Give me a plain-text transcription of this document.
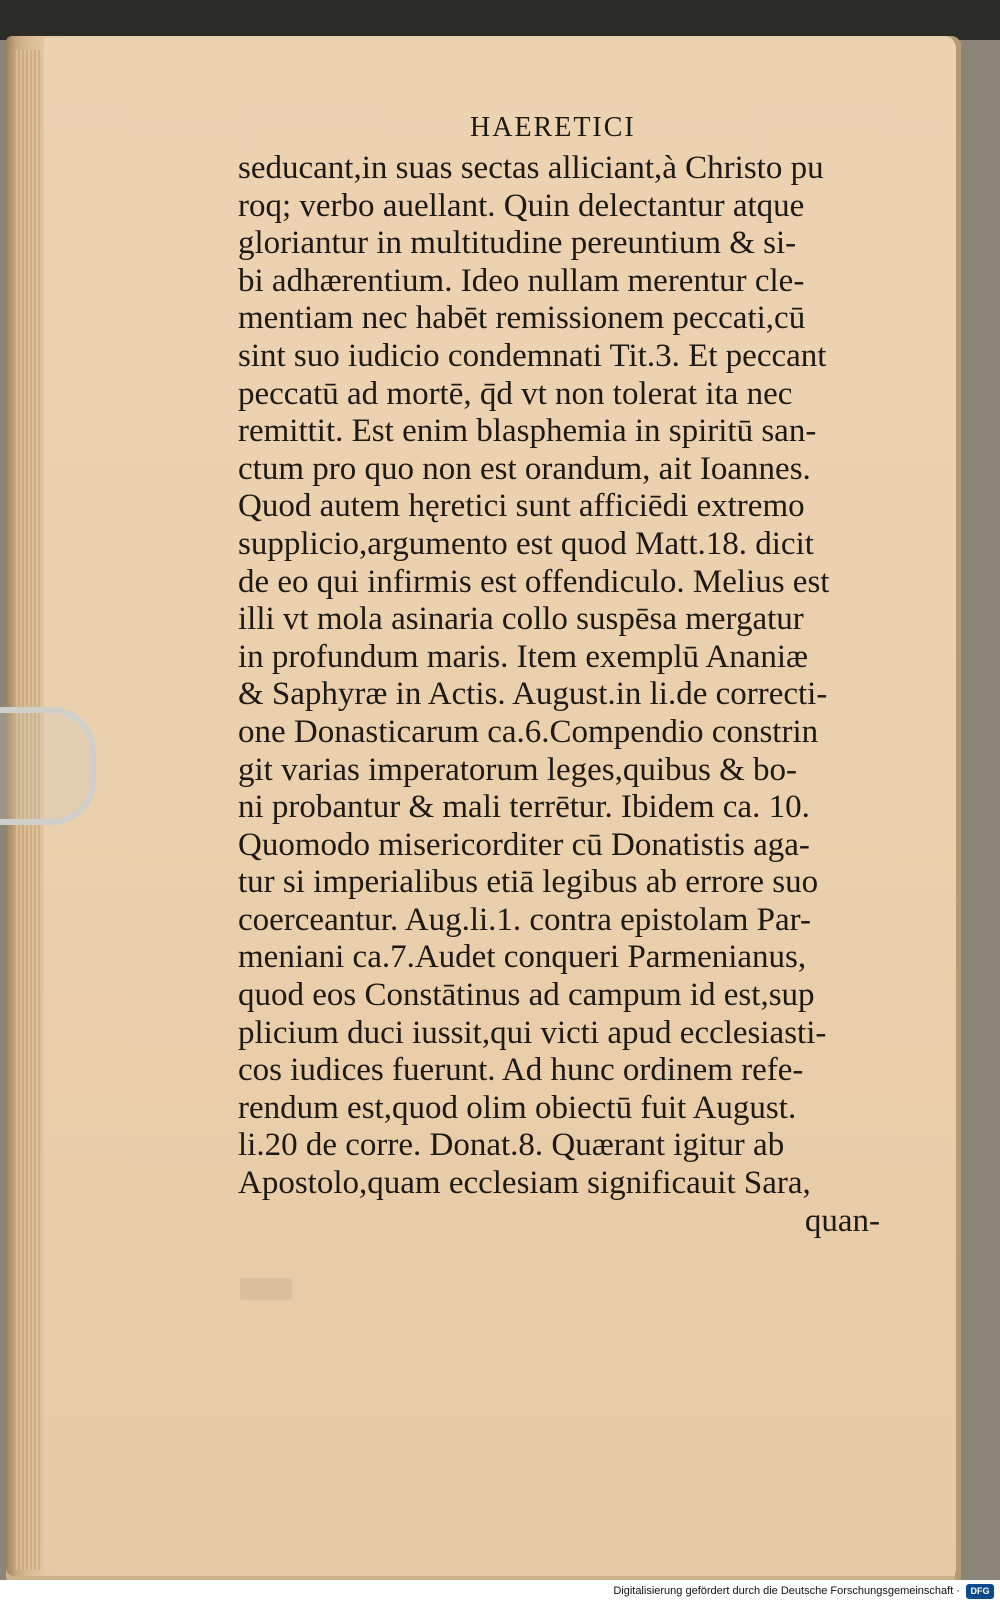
HAERETICI
seducant,in suas sectas alliciant,à Christo pu
roq; verbo auellant. Quin delectantur atque
gloriantur in multitudine pereuntium & si-
bi adhærentium. Ideo nullam merentur cle-
mentiam nec habēt remissionem peccati,cū
sint suo iudicio condemnati Tit.3. Et peccant
peccatū ad mortē, q̄d vt non tolerat ita nec
remittit. Est enim blasphemia in spiritū san-
ctum pro quo non est orandum, ait Ioannes.
Quod autem hęretici sunt afficiēdi extremo
supplicio,argumento est quod Matt.18. dicit
de eo qui infirmis est offendiculo. Melius est
illi vt mola asinaria collo suspēsa mergatur
in profundum maris. Item exemplū Ananiæ
& Saphyræ in Actis. August.in li.de correcti-
one Donasticarum ca.6.Compendio constrin
git varias imperatorum leges,quibus & bo-
ni probantur & mali terrētur. Ibidem ca. 10.
Quomodo misericorditer cū Donatistis aga-
tur si imperialibus etiā legibus ab errore suo
coerceantur. Aug.li.1. contra epistolam Par-
meniani ca.7.Audet conqueri Parmenianus,
quod eos Constātinus ad campum id est,sup
plicium duci iussit,qui victi apud ecclesiasti-
cos iudices fuerunt. Ad hunc ordinem refe-
rendum est,quod olim obiectū fuit August.
li.20 de corre. Donat.8. Quærant igitur ab
Apostolo,quam ecclesiam significauit Sara,
quan-
Digitalisierung gefördert durch die Deutsche Forschungsgemeinschaft ·	DFG
